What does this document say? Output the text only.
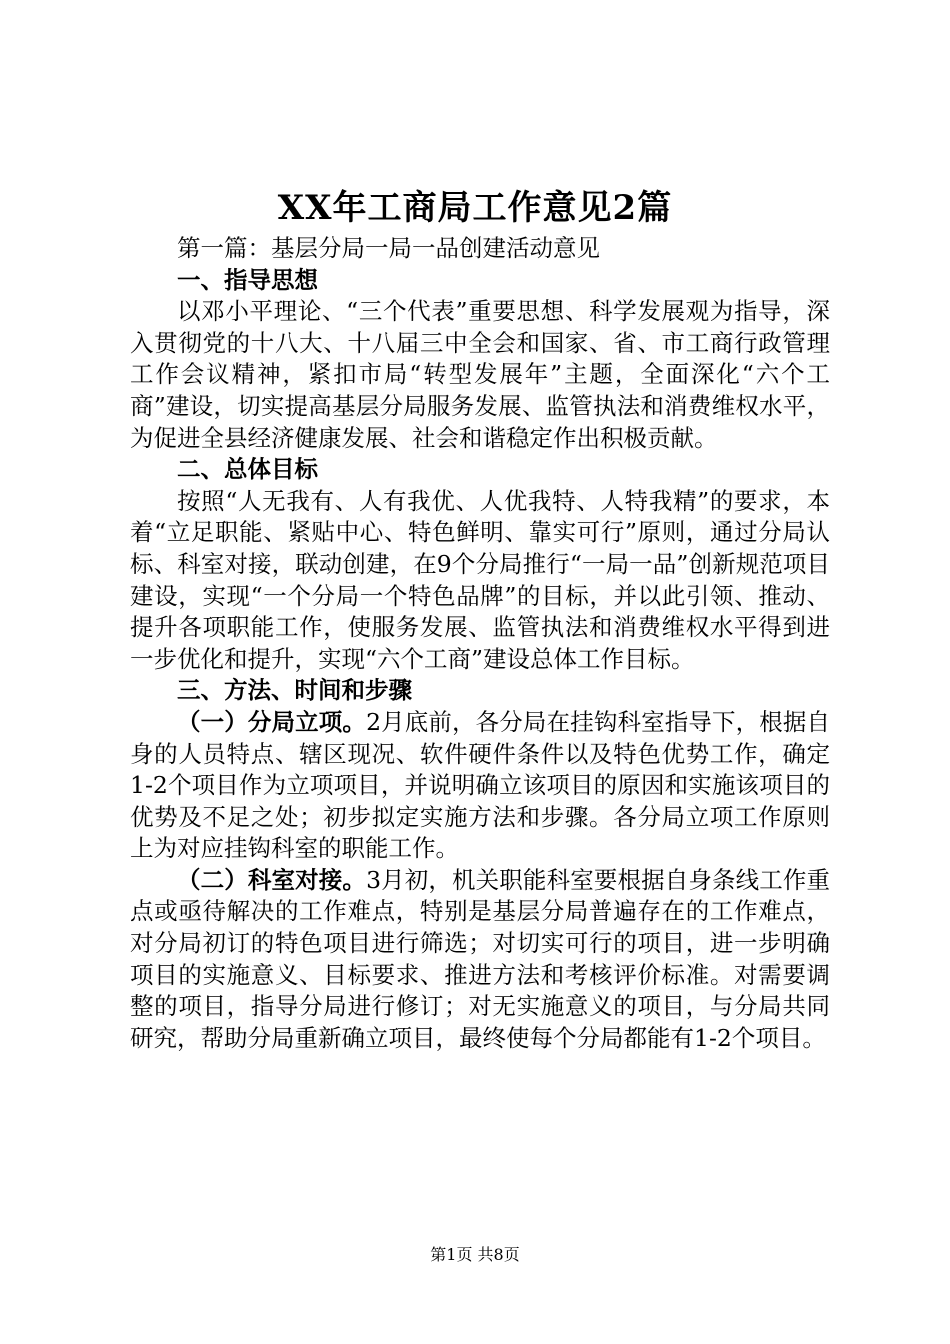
XX年工商局工作意见2篇

第一篇：基层分局一局一品创建活动意见

一、指导思想

以邓小平理论、“三个代表”重要思想、科学发展观为指导，深入贯彻党的十八大、十八届三中全会和国家、省、市工商行政管理工作会议精神，紧扣市局“转型发展年”主题，全面深化“六个工商”建设，切实提高基层分局服务发展、监管执法和消费维权水平，为促进全县经济健康发展、社会和谐稳定作出积极贡献。

二、总体目标

按照“人无我有、人有我优、人优我特、人特我精”的要求，本着“立足职能、紧贴中心、特色鲜明、靠实可行”原则，通过分局认标、科室对接，联动创建，在9个分局推行“一局一品”创新规范项目建设，实现“一个分局一个特色品牌”的目标，并以此引领、推动、提升各项职能工作，使服务发展、监管执法和消费维权水平得到进一步优化和提升，实现“六个工商”建设总体工作目标。

三、方法、时间和步骤

（一）分局立项。2月底前，各分局在挂钩科室指导下，根据自身的人员特点、辖区现况、软件硬件条件以及特色优势工作，确定1-2个项目作为立项项目，并说明确立该项目的原因和实施该项目的优势及不足之处；初步拟定实施方法和步骤。各分局立项工作原则上为对应挂钩科室的职能工作。

（二）科室对接。3月初，机关职能科室要根据自身条线工作重点或亟待解决的工作难点，特别是基层分局普遍存在的工作难点，对分局初订的特色项目进行筛选；对切实可行的项目，进一步明确项目的实施意义、目标要求、推进方法和考核评价标准。对需要调整的项目，指导分局进行修订；对无实施意义的项目，与分局共同研究，帮助分局重新确立项目，最终使每个分局都能有1-2个项目。

第1页 共8页
